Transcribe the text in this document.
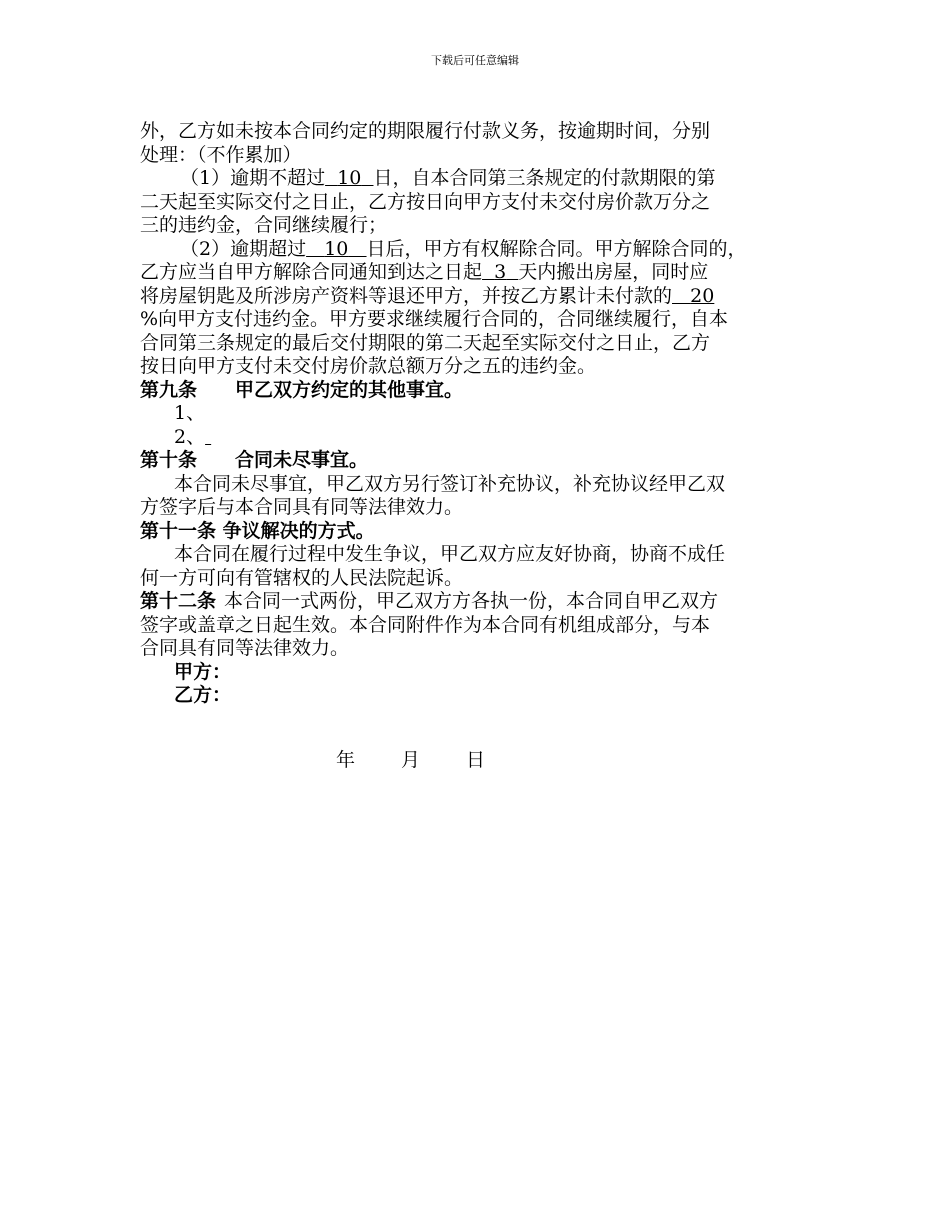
下载后可任意编辑
外，乙方如未按本合同约定的期限履行付款义务，按逾期时间，分别
处理：（不作累加）
（1）逾期不超过 10 日，自本合同第三条规定的付款期限的第
二天起至实际交付之日止，乙方按日向甲方支付未交付房价款万分之
三的违约金，合同继续履行；
（2）逾期超过 10 日后，甲方有权解除合同。甲方解除合同的，
乙方应当自甲方解除合同通知到达之日起 3 天内搬出房屋，同时应
将房屋钥匙及所涉房产资料等退还甲方，并按乙方累计未付款的 20
%向甲方支付违约金。甲方要求继续履行合同的，合同继续履行，自本
合同第三条规定的最后交付期限的第二天起至实际交付之日止，乙方
按日向甲方支付未交付房价款总额万分之五的违约金。
第九条 甲乙双方约定的其他事宜。
1、
2、
第十条 合同未尽事宜。
本合同未尽事宜，甲乙双方另行签订补充协议，补充协议经甲乙双
方签字后与本合同具有同等法律效力。
第十一条 争议解决的方式。
本合同在履行过程中发生争议，甲乙双方应友好协商，协商不成任
何一方可向有管辖权的人民法院起诉。
第十二条 本合同一式两份，甲乙双方方各执一份，本合同自甲乙双方
签字或盖章之日起生效。本合同附件作为本合同有机组成部分，与本
合同具有同等法律效力。
甲方：
乙方：
年 月 日
